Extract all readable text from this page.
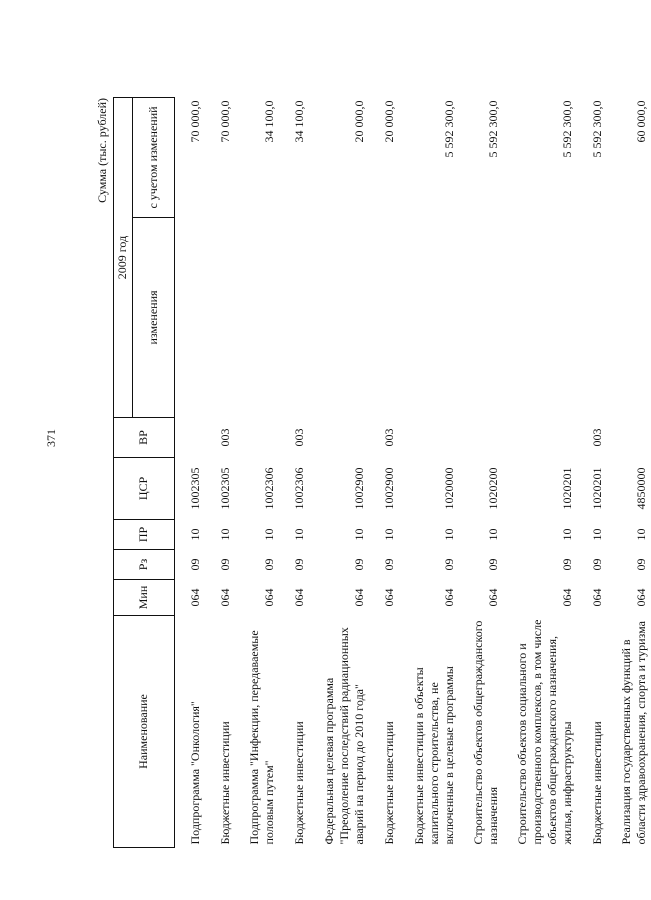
371
Сумма (тыс. рублей)
Наименование	Мин	Рз	ПР	ЦСР	ВР	2009 год	
						изменения	с учетом изменений
Подпрограмма "Онкология"	064	09	10	1002305			70 000,0
Бюджетные инвестиции	064	09	10	1002305	003		70 000,0
Подпрограмма "Инфекции, передаваемые половым путем"	064	09	10	1002306			34 100,0
Бюджетные инвестиции	064	09	10	1002306	003		34 100,0
Федеральная целевая программа "Преодоление последствий радиационных аварий на период до 2010 года"	064	09	10	1002900			20 000,0
Бюджетные инвестиции	064	09	10	1002900	003		20 000,0
Бюджетные инвестиции в объекты капитального строительства, не включенные в целевые программы	064	09	10	1020000			5 592 300,0
Строительство объектов общегражданского назначения	064	09	10	1020200			5 592 300,0
Строительство объектов социального и производственного комплексов, в том числе объектов общегражданского назначения, жилья, инфраструктуры	064	09	10	1020201			5 592 300,0
Бюджетные инвестиции	064	09	10	1020201	003		5 592 300,0
Реализация государственных функций в области здравоохранения, спорта и туризма	064	09	10	4850000			60 000,0
